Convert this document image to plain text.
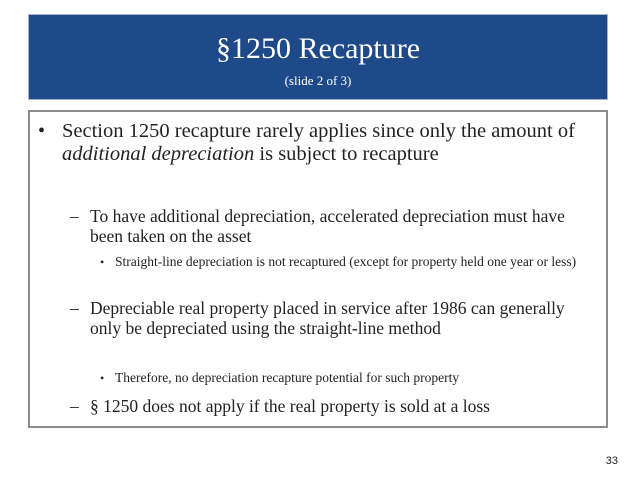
§1250 Recapture
(slide 2 of 3)
• Section 1250 recapture rarely applies since only the amount of additional depreciation is subject to recapture
– To have additional depreciation, accelerated depreciation must have been taken on the asset
• Straight-line depreciation is not recaptured (except for property held one year or less)
– Depreciable real property placed in service after 1986 can generally only be depreciated using the straight-line method
• Therefore, no depreciation recapture potential for such property
– § 1250 does not apply if the real property is sold at a loss
33
